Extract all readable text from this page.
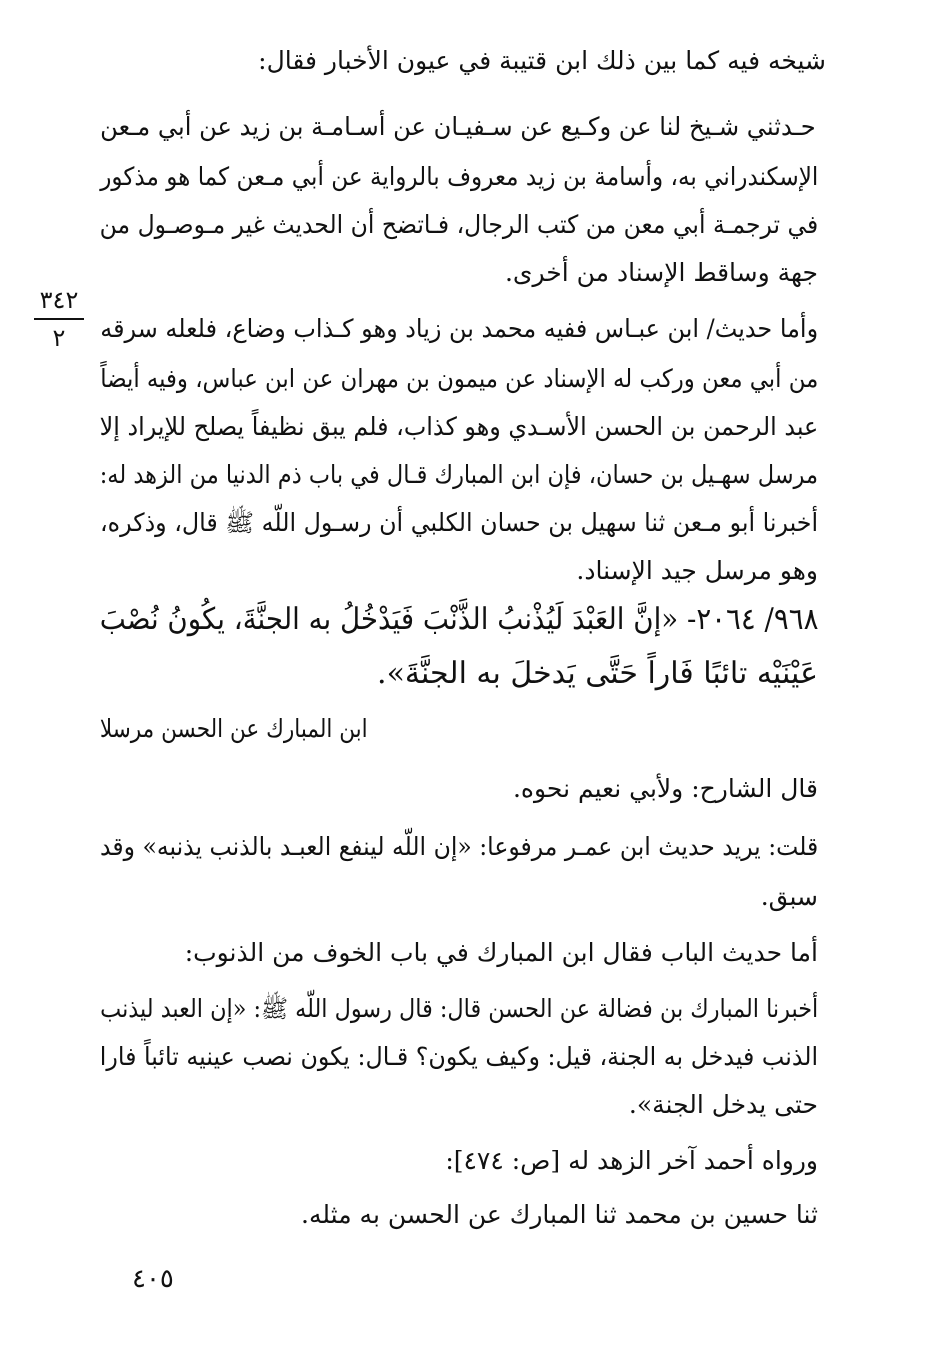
شيخه فيه كما بين ذلك ابن قتيبة في عيون الأخبار فقال:
حـدثني شـيخ لنا عن وكـيع عن سـفيـان عن أسـامـة بن زيد عن أبي مـعن
الإسكندراني به، وأسامة بن زيد معروف بالرواية عن أبي مـعن كما هو مذكور
في ترجمـة أبي معن من كتب الرجال، فـاتضح أن الحديث غير مـوصـول من
جهة وساقط الإسناد من أخرى.
٣٤٢
٢	وأما حديث/ ابن عبـاس ففيه محمد بن زياد وهو كـذاب وضاع، فلعله سرقه
من أبي معن وركب له الإسناد عن ميمون بن مهران عن ابن عباس، وفيه أيضاً
عبد الرحمن بن الحسن الأسـدي وهو كذاب، فلم يبق نظيفاً يصلح للإيراد إلا
مرسل سهـيل بن حسان، فإن ابن المبارك قـال في باب ذم الدنيا من الزهد له:
أخبرنا أبو مـعن ثنا سهيل بن حسان الكلبي أن رسـول اللّه ﷺ قال، وذكره،
وهو مرسل جيد الإسناد.
٩٦٨/ ٢٠٦٤- «إنَّ العَبْدَ لَيُذْنبُ الذَّنْبَ فَيَدْخُلُ به الجنَّةَ، يكُونُ نُصْبَ
عَيْنَيْه تائبًا فَاراً حَتَّى يَدخلَ به الجنَّةَ».
ابن المبارك عن الحسن مرسلا
قال الشارح: ولأبي نعيم نحوه.
قلت: يريد حديث ابن عمـر مرفوعا: «إن اللّه لينفع العبـد بالذنب يذنبه» وقد
سبق.
أما حديث الباب فقال ابن المبارك في باب الخوف من الذنوب:
أخبرنا المبارك بن فضالة عن الحسن قال: قال رسول اللّه ﷺ: «إن العبد ليذنب
الذنب فيدخل به الجنة، قيل: وكيف يكون؟ قـال: يكون نصب عينيه تائباً فارا
حتى يدخل الجنة».
ورواه أحمد آخر الزهد له [ص: ٤٧٤]:
ثنا حسين بن محمد ثنا المبارك عن الحسن به مثله.
٤٠٥
